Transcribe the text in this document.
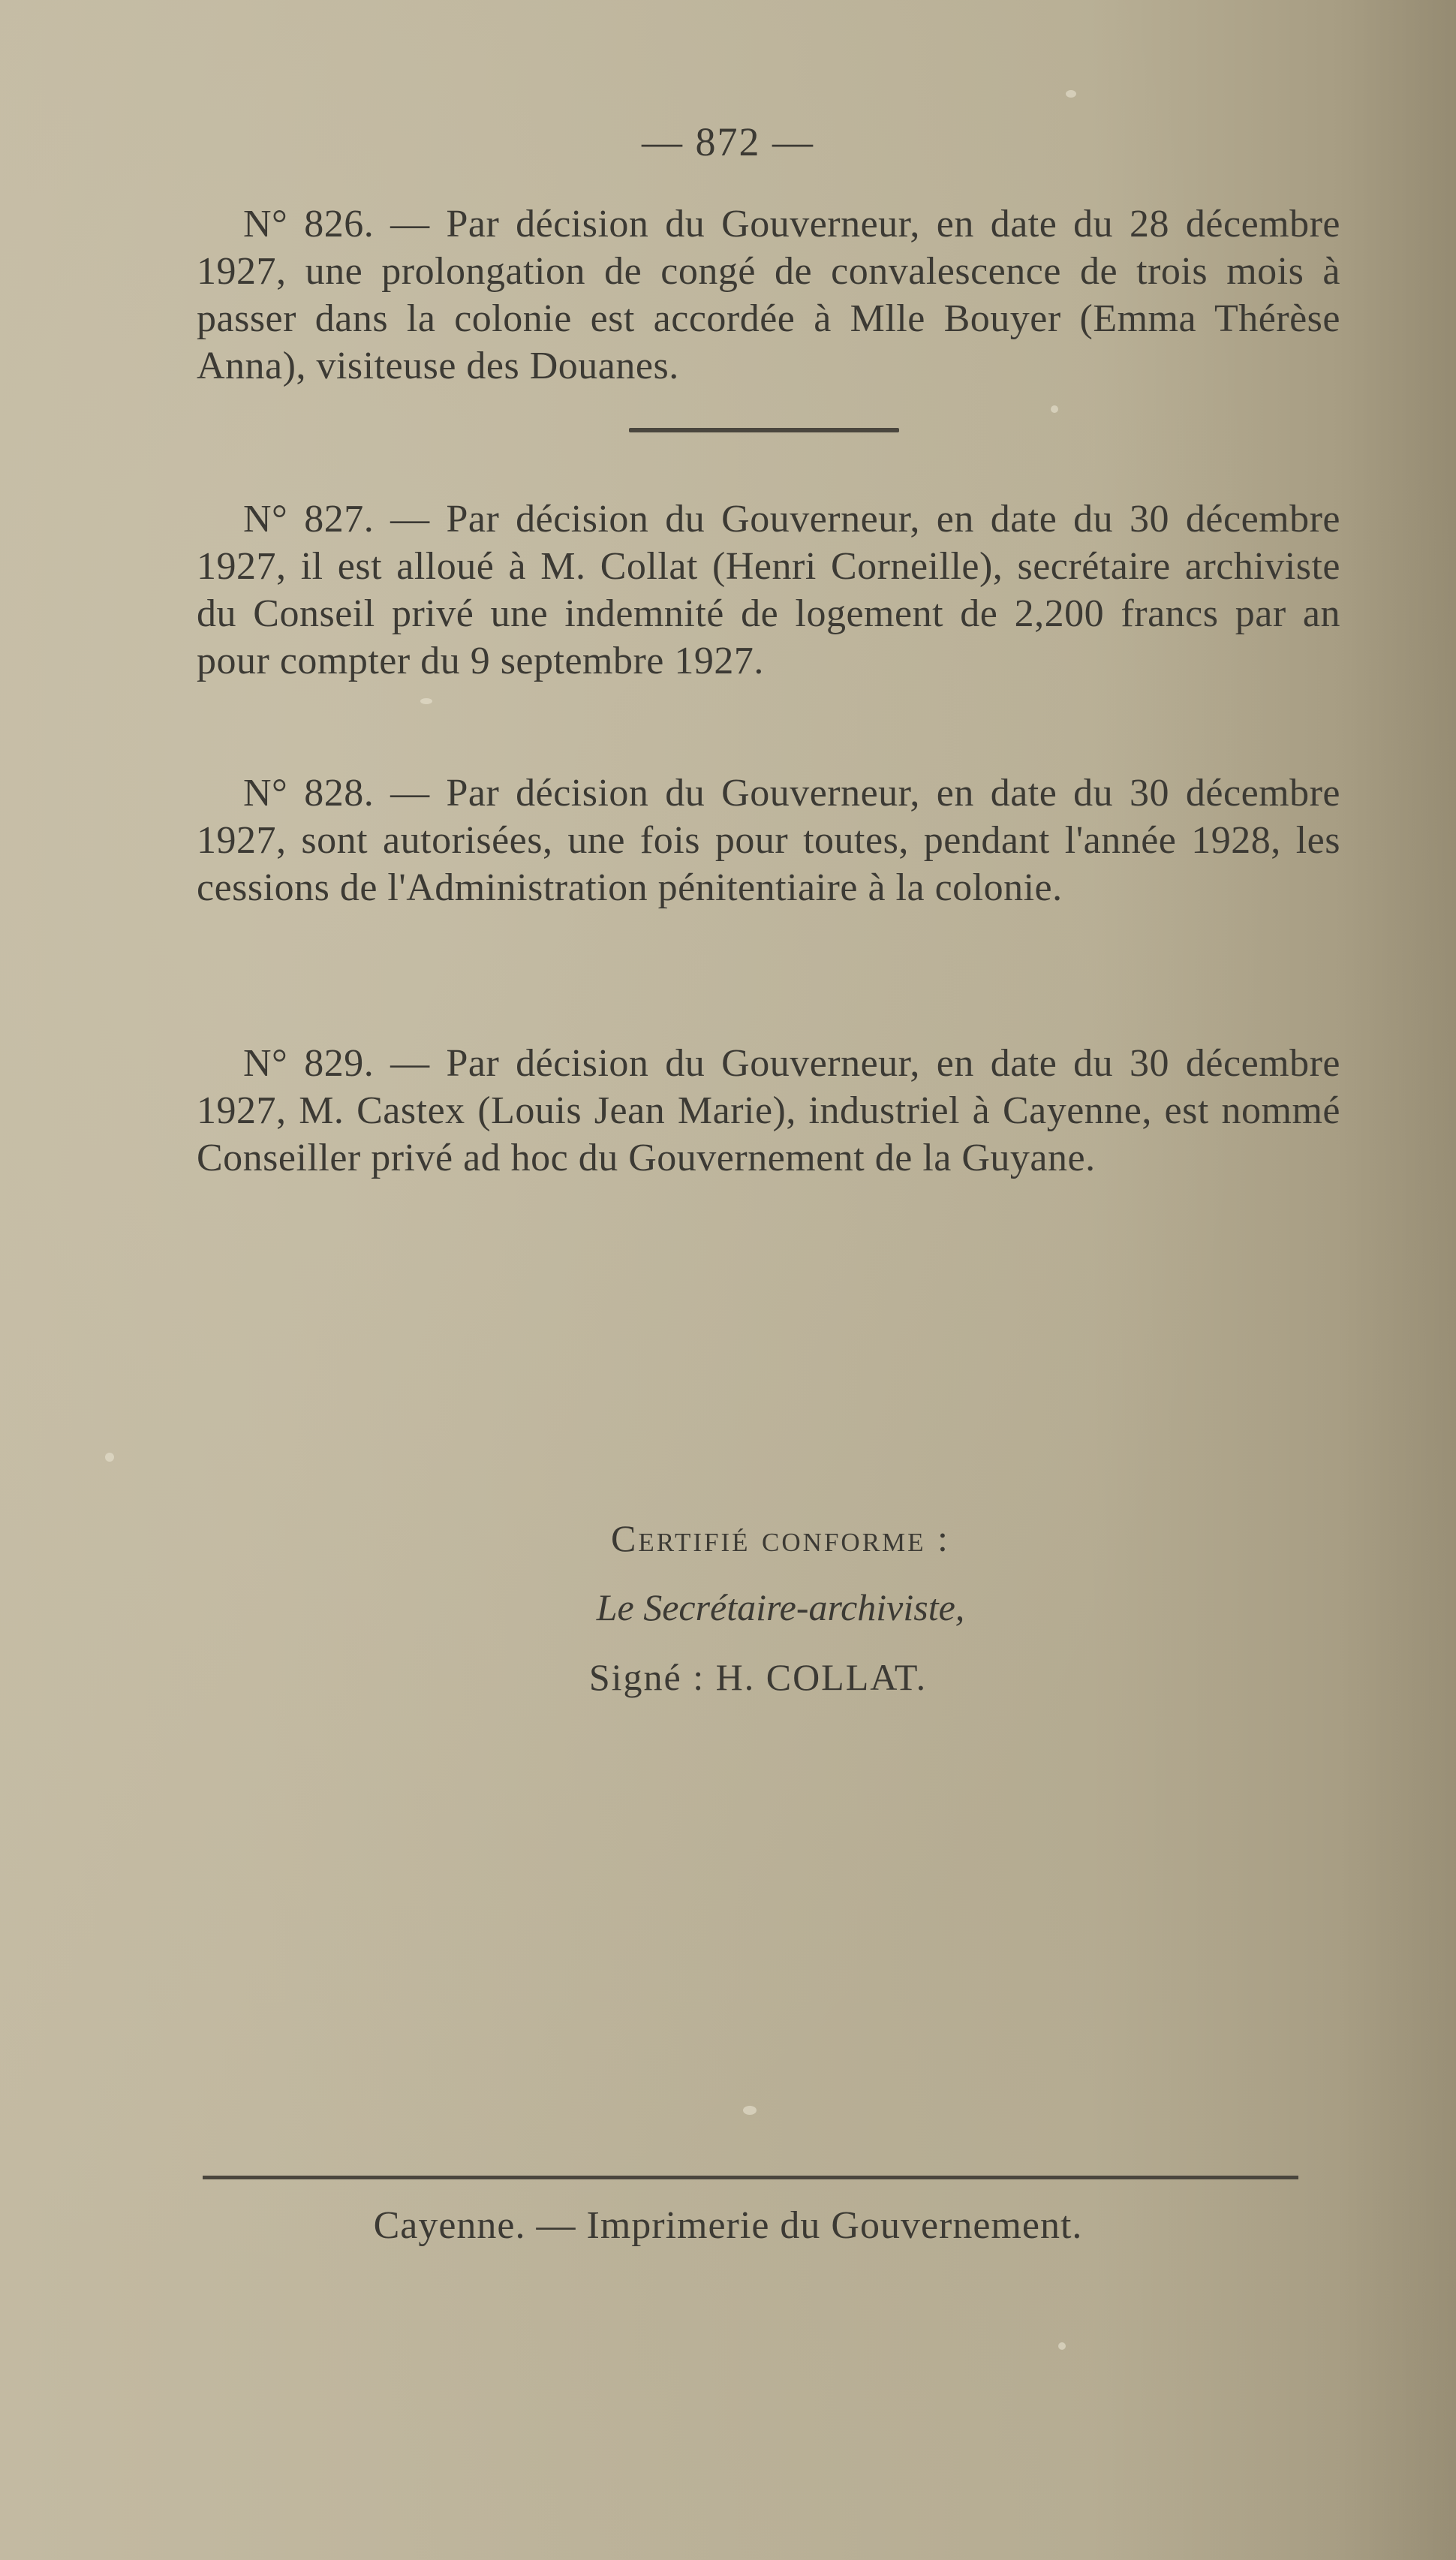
— 872 —

N° 826. — Par décision du Gouverneur, en date du 28 décembre 1927, une prolongation de congé de convalescence de trois mois à passer dans la colonie est accordée à Mlle Bouyer (Emma Thérèse Anna), visiteuse des Douanes.

N° 827. — Par décision du Gouverneur, en date du 30 décembre 1927, il est alloué à M. Collat (Henri Corneille), secrétaire archiviste du Conseil privé une indemnité de logement de 2,200 francs par an pour compter du 9 septembre 1927.

N° 828. — Par décision du Gouverneur, en date du 30 décembre 1927, sont autorisées, une fois pour toutes, pendant l'année 1928, les cessions de l'Administration pénitentiaire à la colonie.

N° 829. — Par décision du Gouverneur, en date du 30 décembre 1927, M. Castex (Louis Jean Marie), industriel à Cayenne, est nommé Conseiller privé ad hoc du Gouvernement de la Guyane.

Certifié conforme :
Le Secrétaire-archiviste,
Signé : H. COLLAT.
Cayenne. — Imprimerie du Gouvernement.
